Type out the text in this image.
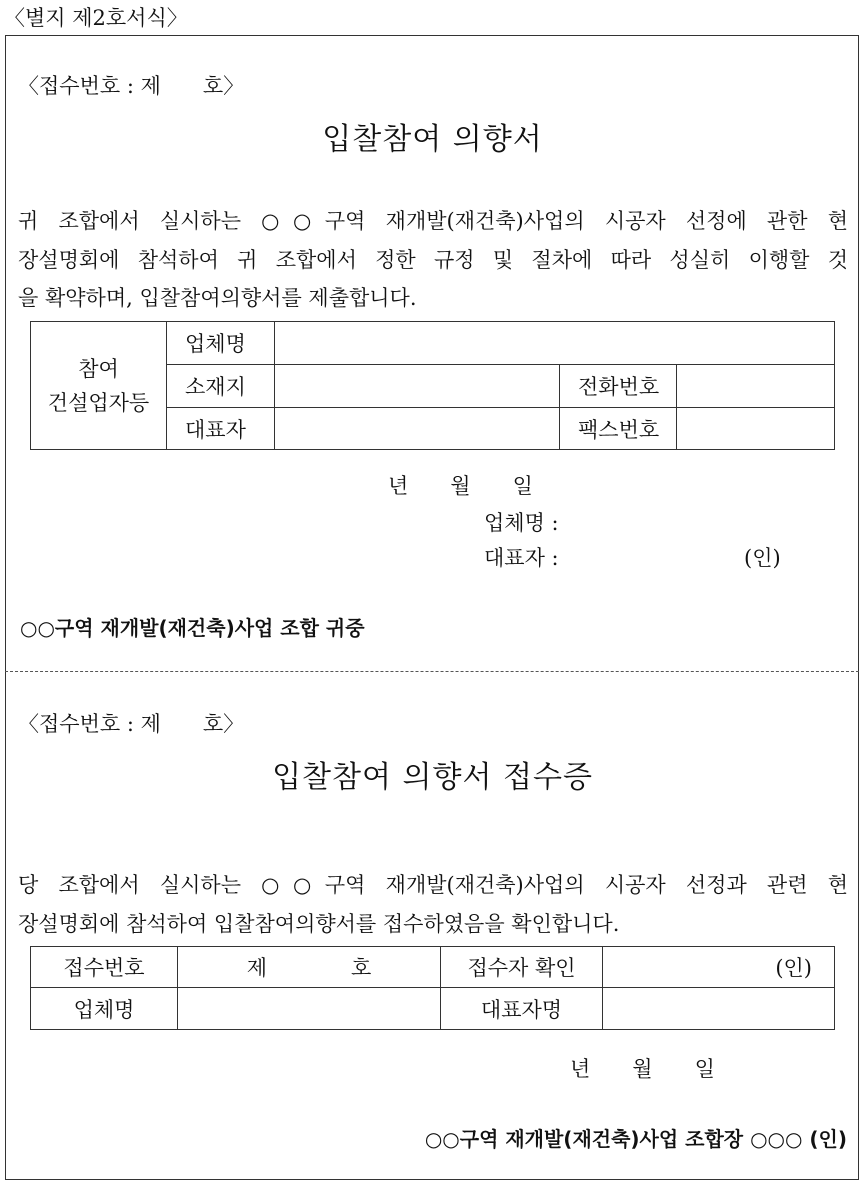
〈별지 제2호서식〉
〈접수번호 : 제　　호〉
입찰참여 의향서
귀 조합에서 실시하는 ○○구역 재개발(재건축)사업의 시공자 선정에 관한 현
장설명회에 참석하여 귀 조합에서 정한 규정 및 절차에 따라 성실히 이행할 것
을 확약하며, 입찰참여의향서를 제출합니다.
참여
건설업자등	업체명			
	소재지		전화번호	
	대표자		팩스번호	
년　　월　　일
업체명 :
대표자 :	(인)
○○구역 재개발(재건축)사업 조합 귀중
〈접수번호 : 제　　호〉
입찰참여 의향서 접수증
당 조합에서 실시하는 ○○구역 재개발(재건축)사업의 시공자 선정과 관련 현
장설명회에 참석하여 입찰참여의향서를 접수하였음을 확인합니다.
접수번호	제　　　　호	접수자 확인	(인)
업체명		대표자명	
년　　월　　일
○○구역 재개발(재건축)사업 조합장 ○○○ (인)
